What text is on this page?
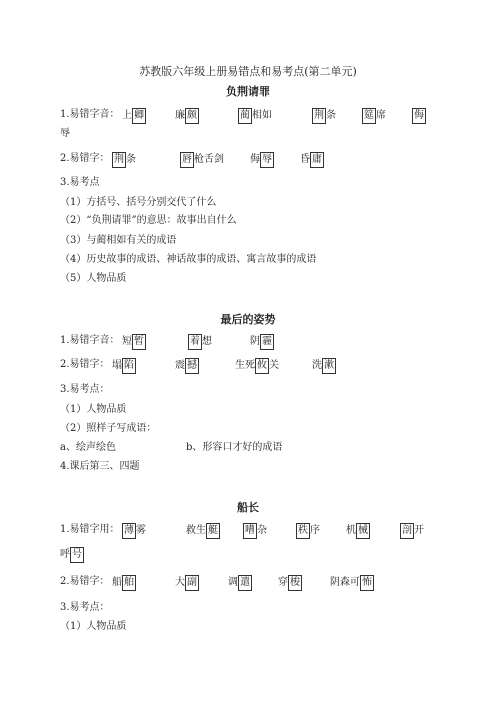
苏教版六年级上册易错点和易考点(第二单元)
负荆请罪
1.易错字音： 上 卿	廉 颇	蔺 相如	荆 条	筵 席	侮
辱
2.易错字： 荆 条	唇 枪舌剑	侮 辱	昏 庸
3.易考点
（1）方括号、括号分别交代了什么
（2）“负荆请罪”的意思：故事出自什么
（3）与蔺相如有关的成语
（4）历史故事的成语、神话故事的成语、寓言故事的成语
（5）人物品质
最后的姿势
1.易错字音： 短 暂	着 想	阴 霾
2.易错字： 塌 陷	震 撼	生死 攸 关	洗 漱
3.易考点：
（1）人物品质
（2）照样子写成语：
a、绘声绘色	b、形容口才好的成语
4.课后第三、四题
船长
1.易错字用： 薄 雾	救生 艇	嘈 杂	秩 序	机 械	剖 开
呼 号
2.易错字： 船 舶	大 副	调 遣	穿 梭	阴森可 怖
3.易考点：
（1）人物品质
